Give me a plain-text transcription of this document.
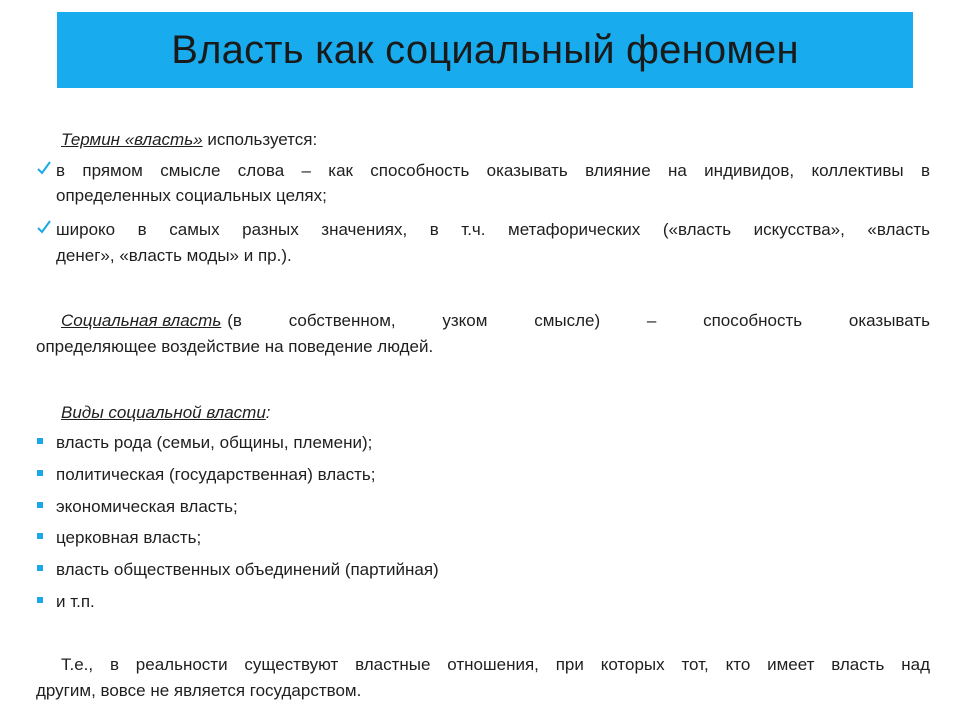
Власть как социальный феномен
Термин «власть» используется:
в прямом смысле слова – как способность оказывать влияние на индивидов, коллективы в
определенных социальных целях;
широко в самых разных значениях, в т.ч. метафорических («власть искусства», «власть
денег», «власть моды» и пр.).
Социальная власть (в собственном, узком смысле) – способность оказывать
определяющее воздействие на поведение людей.
Виды социальной власти:
власть рода (семьи, общины, племени);
политическая (государственная) власть;
экономическая власть;
церковная власть;
власть общественных объединений (партийная)
и т.п.
Т.е., в реальности существуют властные отношения, при которых тот, кто имеет власть над
другим, вовсе не является государством.
